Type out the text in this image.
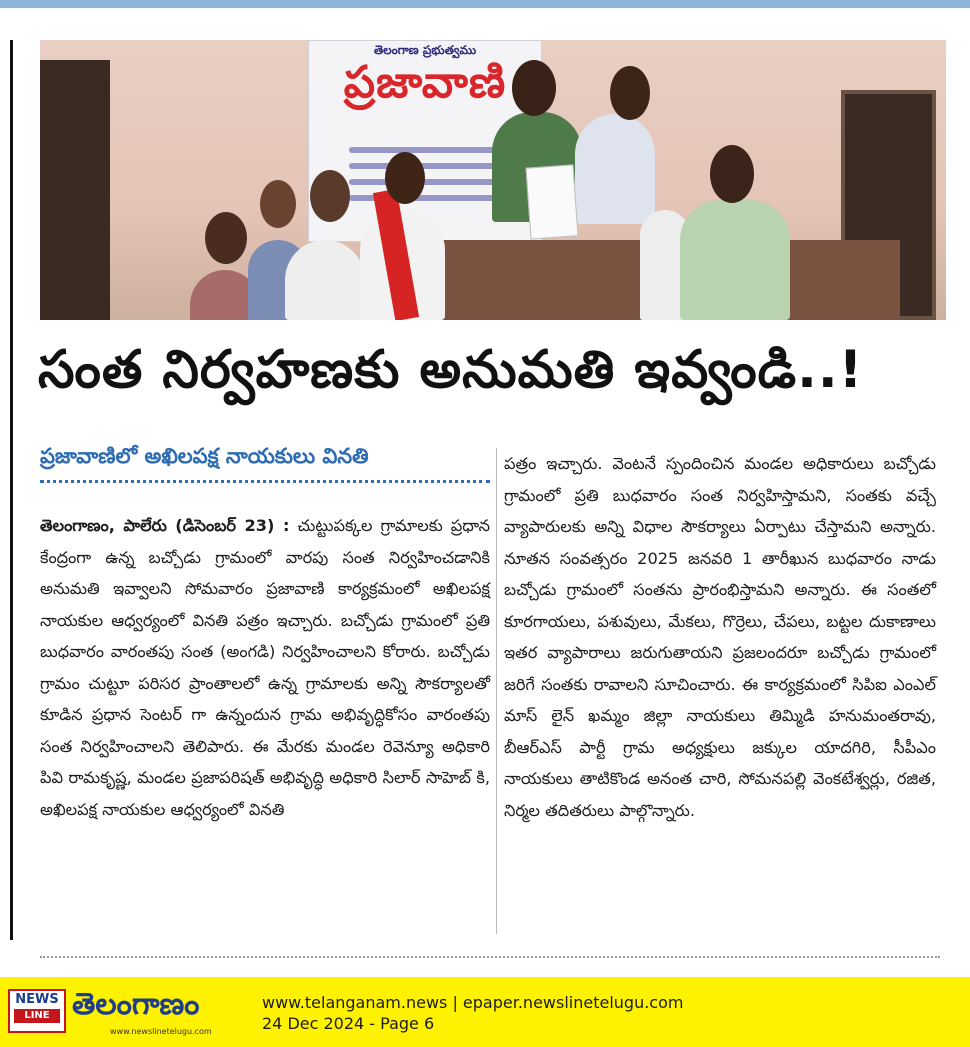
తెలంగాణ ప్రభుత్వము
ప్రజావాణి
సంత నిర్వహణకు అనుమతి ఇవ్వండి..!
ప్రజావాణిలో అఖిలపక్ష నాయకులు వినతి
తెలంగాణం, పాలేరు (డిసెంబర్ 23) : చుట్టుపక్కల గ్రామాలకు ప్రధాన కేంద్రంగా ఉన్న బచ్చోడు గ్రామంలో వారపు సంత నిర్వహించడానికి అనుమతి ఇవ్వాలని సోమవారం ప్రజావాణి కార్యక్రమంలో అఖిలపక్ష నాయకుల ఆధ్వర్యంలో వినతి పత్రం ఇచ్చారు. బచ్చోడు గ్రామంలో ప్రతి బుధవారం వారంతపు సంత (అంగడి) నిర్వహించాలని కోరారు. బచ్చోడు గ్రామం చుట్టూ పరిసర ప్రాంతాలలో ఉన్న గ్రామాలకు అన్ని సౌకర్యాలతో కూడిన ప్రధాన సెంటర్ గా ఉన్నందున గ్రామ అభివృద్ధికోసం వారంతపు సంత నిర్వహించాలని తెలిపారు. ఈ మేరకు మండల రెవెన్యూ అధికారి పివి రామకృష్ణ, మండల ప్రజాపరిషత్ అభివృద్ధి అధికారి సిలార్ సాహెబ్ కి, అఖిలపక్ష నాయకుల ఆధ్వర్యంలో వినతి
పత్రం ఇచ్చారు. వెంటనే స్పందించిన మండల అధికారులు బచ్చోడు గ్రామంలో ప్రతి బుధవారం సంత నిర్వహిస్తామని, సంతకు వచ్చే వ్యాపారులకు అన్ని విధాల సౌకర్యాలు ఏర్పాటు చేస్తామని అన్నారు. నూతన సంవత్సరం 2025 జనవరి 1 తారీఖున బుధవారం నాడు బచ్చోడు గ్రామంలో సంతను ప్రారంభిస్తామని అన్నారు. ఈ సంతలో కూరగాయలు, పశువులు, మేకలు, గొర్రెలు, చేపలు, బట్టల దుకాణాలు ఇతర వ్యాపారాలు జరుగుతాయని ప్రజలందరూ బచ్చోడు గ్రామంలో జరిగే సంతకు రావాలని సూచించారు. ఈ కార్యక్రమంలో సిపిఐ ఎంఎల్ మాస్ లైన్ ఖమ్మం జిల్లా నాయకులు తిమ్మిడి హనుమంతరావు, బీఆర్ఎస్ పార్టీ గ్రామ అధ్యక్షులు జక్కుల యాదగిరి, సీపీఎం నాయకులు తాటికొండ అనంత చారి, సోమనపల్లి వెంకటేశ్వర్లు, రజిత, నిర్మల తదితరులు పాల్గొన్నారు.
NEWS
LINE తెలంగాణం
www.newslinetelugu.com
www.telanganam.news | epaper.newslinetelugu.com
24 Dec 2024 - Page 6
